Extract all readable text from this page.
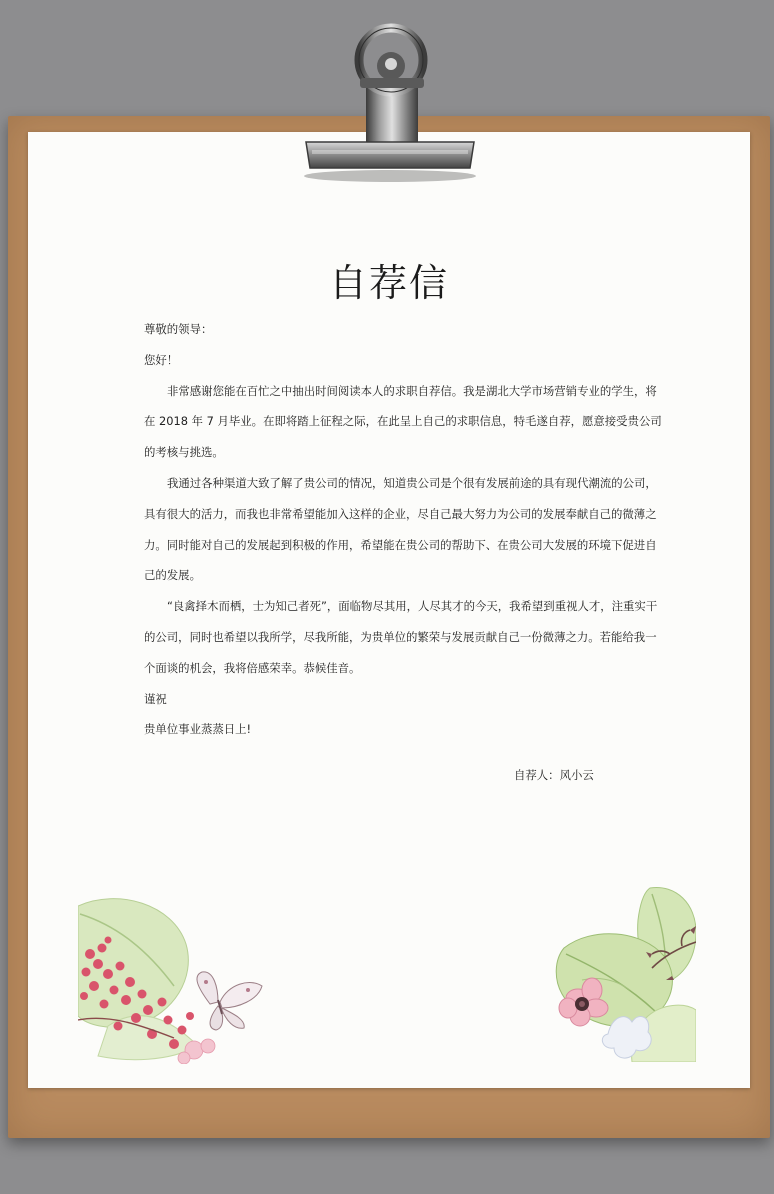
自荐信
尊敬的领导：
您好！
非常感谢您能在百忙之中抽出时间阅读本人的求职自荐信。我是湖北大学市场营销专业的学生，将
在 2018 年 7 月毕业。在即将踏上征程之际，在此呈上自己的求职信息，特毛遂自荐，愿意接受贵公司
的考核与挑选。
我通过各种渠道大致了解了贵公司的情况，知道贵公司是个很有发展前途的具有现代潮流的公司，
具有很大的活力，而我也非常希望能加入这样的企业，尽自己最大努力为公司的发展奉献自己的微薄之
力。同时能对自己的发展起到积极的作用，希望能在贵公司的帮助下、在贵公司大发展的环境下促进自
己的发展。
“良禽择木而栖，士为知己者死”，面临物尽其用，人尽其才的今天，我希望到重视人才，注重实干
的公司，同时也希望以我所学，尽我所能，为贵单位的繁荣与发展贡献自己一份微薄之力。若能给我一
个面谈的机会，我将倍感荣幸。恭候佳音。
谨祝
贵单位事业蒸蒸日上!
自荐人：风小云
